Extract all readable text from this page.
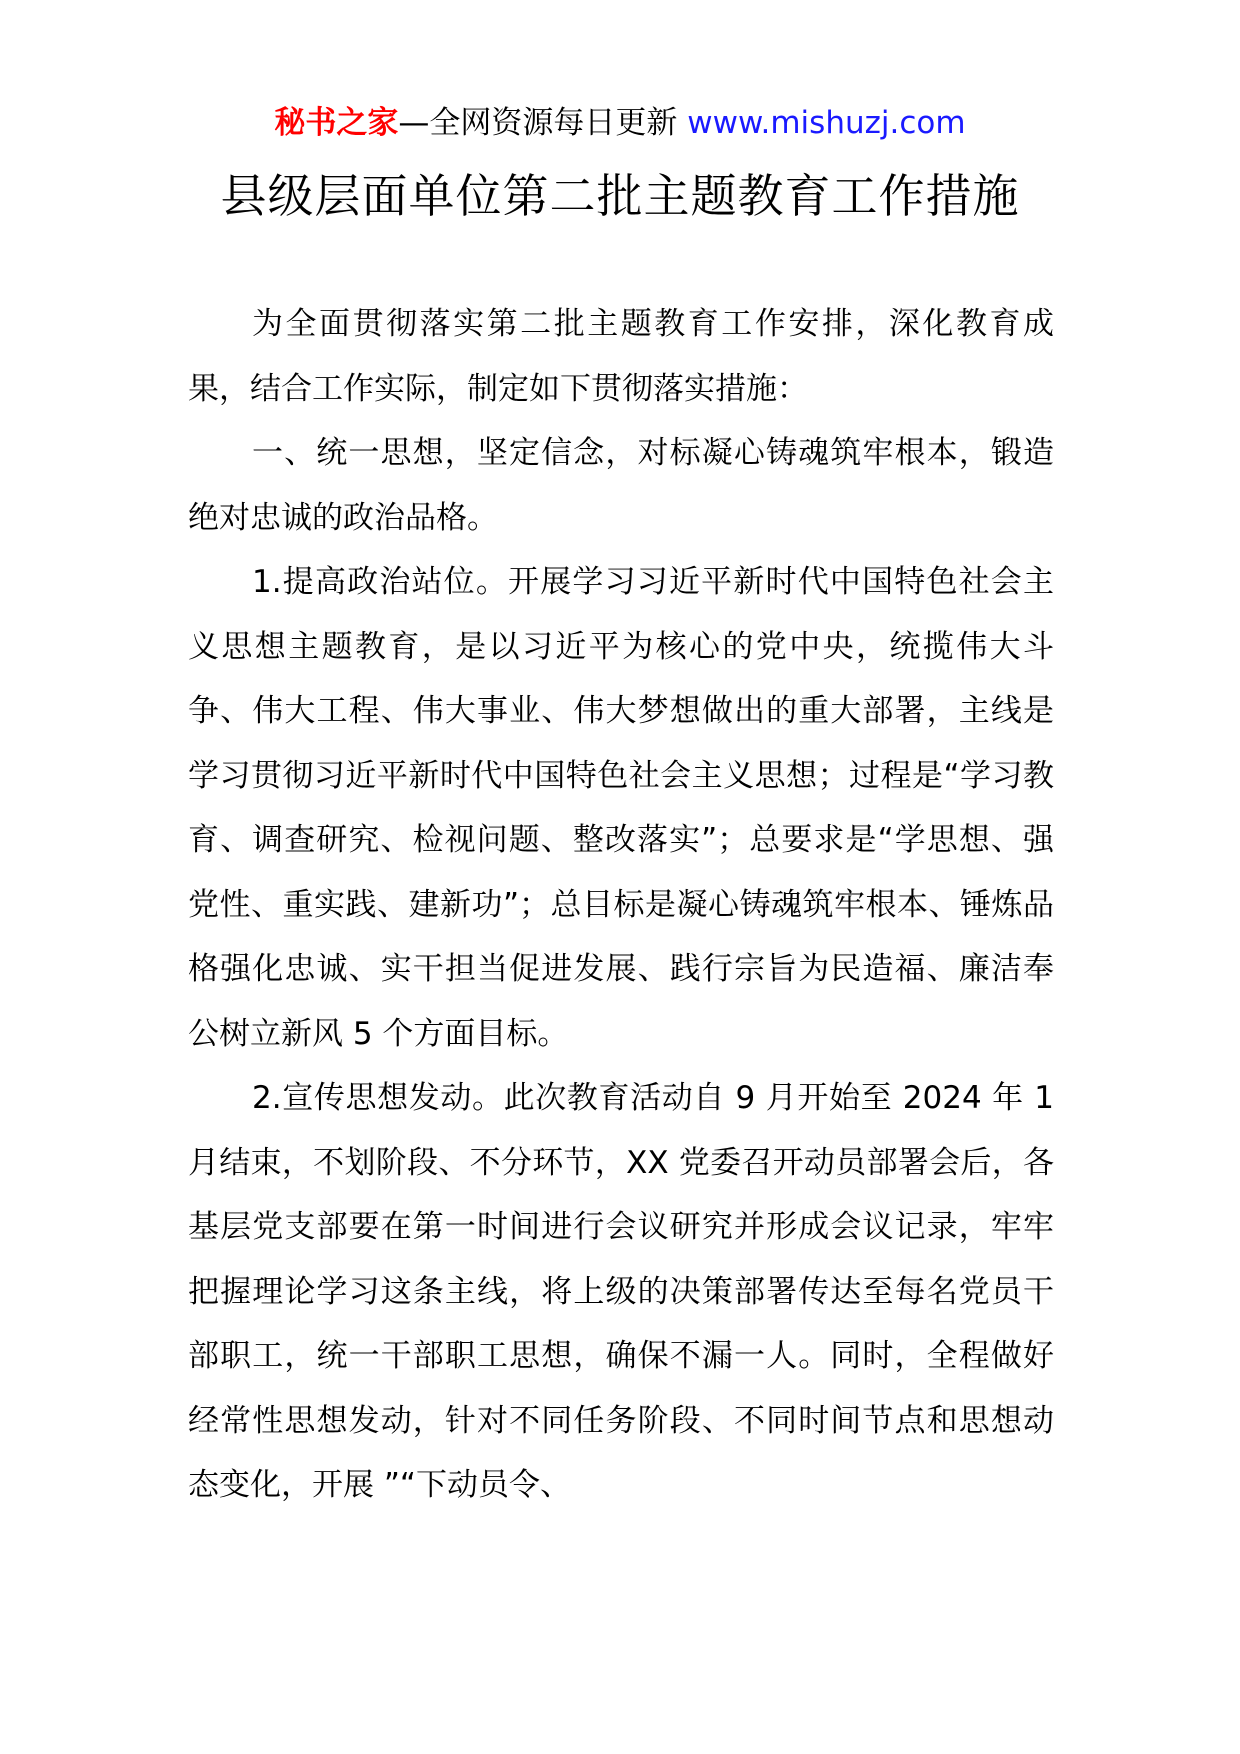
秘书之家—全网资源每日更新 www.mishuzj.com
县级层面单位第二批主题教育工作措施

为全面贯彻落实第二批主题教育工作安排，深化教育成果，结合工作实际，制定如下贯彻落实措施：

一、统一思想，坚定信念，对标凝心铸魂筑牢根本，锻造绝对忠诚的政治品格。

1.提高政治站位。开展学习习近平新时代中国特色社会主义思想主题教育，是以习近平为核心的党中央，统揽伟大斗争、伟大工程、伟大事业、伟大梦想做出的重大部署，主线是学习贯彻习近平新时代中国特色社会主义思想；过程是“学习教育、调查研究、检视问题、整改落实”；总要求是“学思想、强党性、重实践、建新功”；总目标是凝心铸魂筑牢根本、锤炼品格强化忠诚、实干担当促进发展、践行宗旨为民造福、廉洁奉公树立新风 5 个方面目标。

2.宣传思想发动。此次教育活动自 9 月开始至 2024 年 1 月结束，不划阶段、不分环节，XX 党委召开动员部署会后，各基层党支部要在第一时间进行会议研究并形成会议记录，牢牢把握理论学习这条主线，将上级的决策部署传达至每名党员干部职工，统一干部职工思想，确保不漏一人。同时，全程做好经常性思想发动，针对不同任务阶段、不同时间节点和思想动态变化，开展 ”“下动员令、
